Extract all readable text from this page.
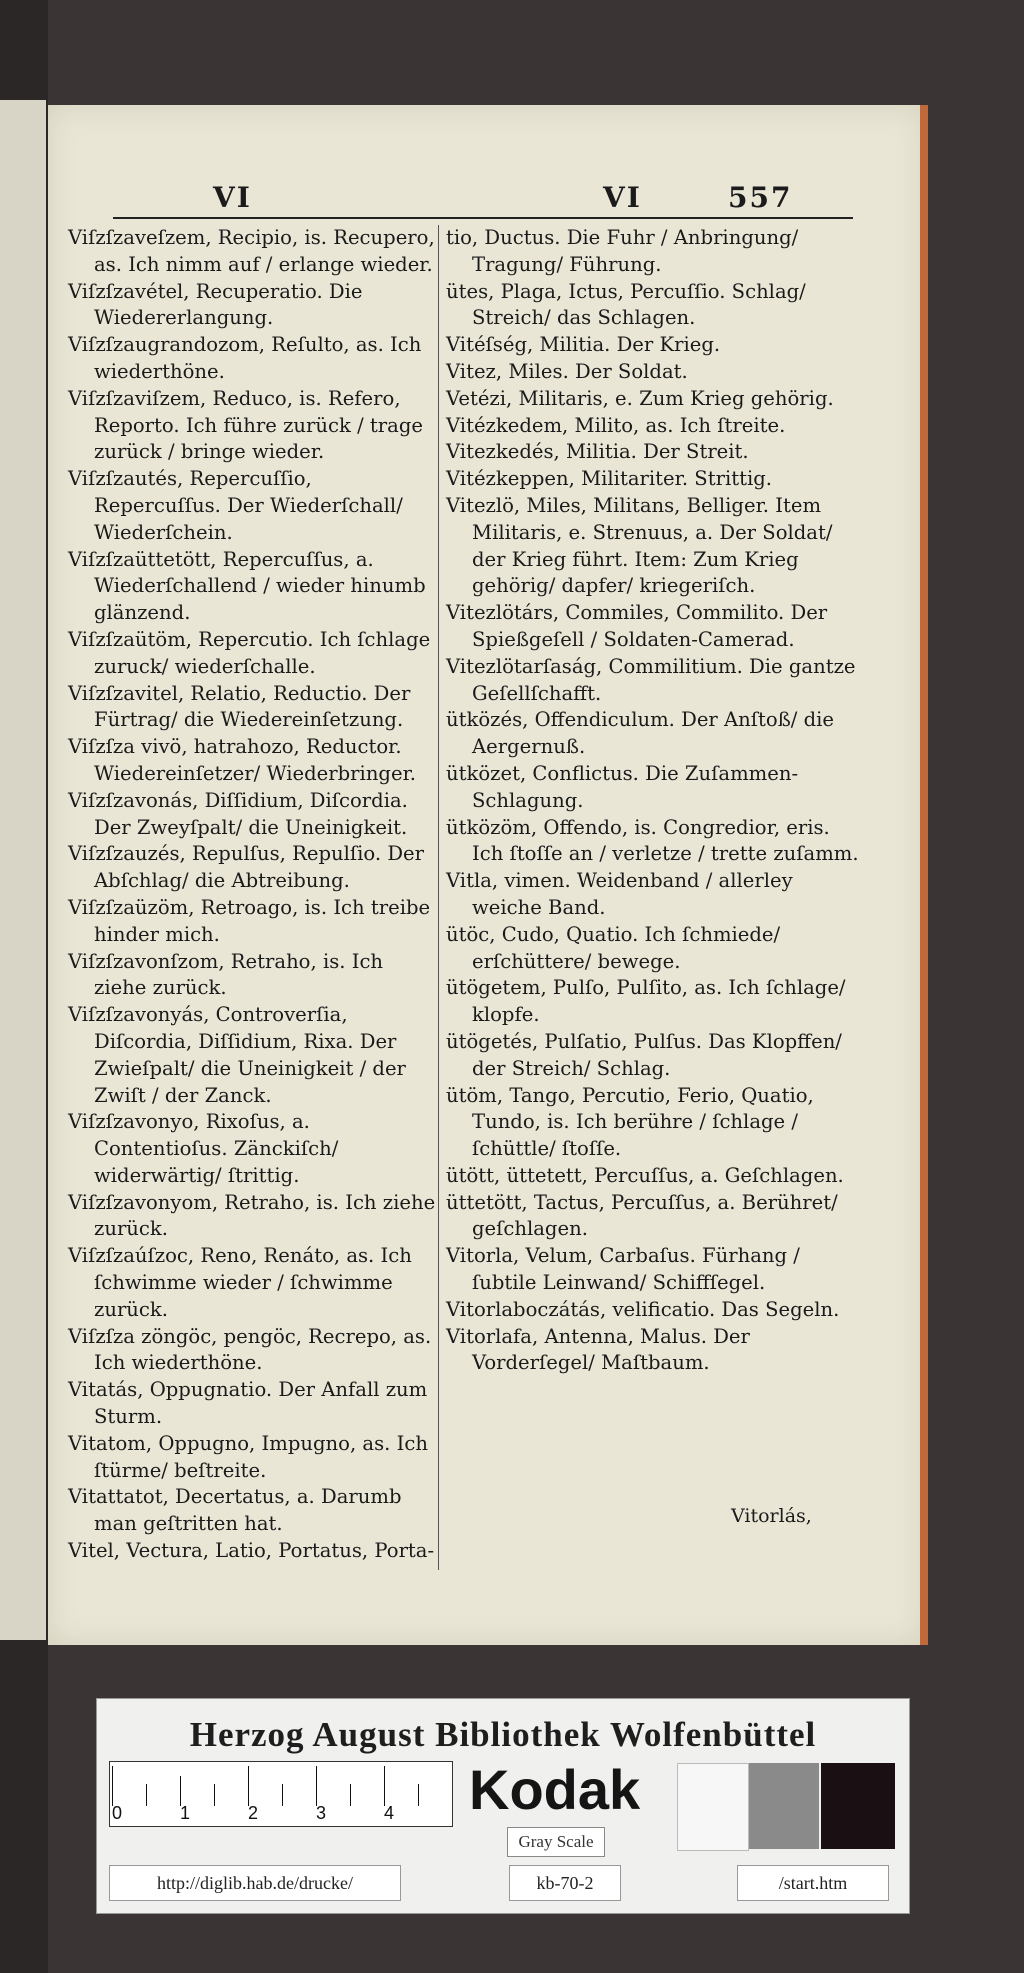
VI	VI	557
Viſzſzaveſzem, Recipio, is. Recupero, as. Ich nimm auf / erlange wieder.
Viſzſzavétel, Recuperatio. Die Wiedererlangung.
Viſzſzaugrandozom, Reſulto, as. Ich wiederthöne.
Viſzſzaviſzem, Reduco, is. Refero, Reporto. Ich führe zurück / trage zurück / bringe wieder.
Viſzſzautés, Repercuſſio, Repercuſſus. Der Wiederſchall/ Wiederſchein.
Viſzſzaüttetött, Repercuſſus, a. Wiederſchallend / wieder hinumb glänzend.
Viſzſzaütöm, Repercutio. Ich ſchlage zuruck/ wiederſchalle.
Viſzſzavitel, Relatio, Reductio. Der Fürtrag/ die Wiedereinſetzung.
Viſzſza vivö, hatrahozo, Reductor. Wiedereinſetzer/ Wiederbringer.
Viſzſzavonás, Diſſidium, Diſcordia. Der Zweyſpalt/ die Uneinigkeit.
Viſzſzauzés, Repulſus, Repulſio. Der Abſchlag/ die Abtreibung.
Viſzſzaüzöm, Retroago, is. Ich treibe hinder mich.
Viſzſzavonſzom, Retraho, is. Ich ziehe zurück.
Viſzſzavonyás, Controverſia, Diſcordia, Diſſidium, Rixa. Der Zwieſpalt/ die Uneinigkeit / der Zwiſt / der Zanck.
Viſzſzavonyo, Rixoſus, a. Contentioſus. Zänckiſch/ widerwärtig/ ſtrittig.
Viſzſzavonyom, Retraho, is. Ich ziehe zurück.
Viſzſzaúſzoc, Reno, Renáto, as. Ich ſchwimme wieder / ſchwimme zurück.
Viſzſza zöngöc, pengöc, Recrepo, as. Ich wiederthöne.
Vitatás, Oppugnatio. Der Anfall zum Sturm.
Vitatom, Oppugno, Impugno, as. Ich ſtürme/ beſtreite.
Vitattatot, Decertatus, a. Darumb man geſtritten hat.
Vitel, Vectura, Latio, Portatus, Porta-
tio, Ductus. Die Fuhr / Anbringung/ Tragung/ Führung.
ütes, Plaga, Ictus, Percuſſio. Schlag/ Streich/ das Schlagen.
Vitéſség, Militia. Der Krieg.
Vitez, Miles. Der Soldat.
Vetézi, Militaris, e. Zum Krieg gehörig.
Vitézkedem, Milito, as. Ich ſtreite.
Vitezkedés, Militia. Der Streit.
Vitézkeppen, Militariter. Strittig.
Vitezlö, Miles, Militans, Belliger. Item Militaris, e. Strenuus, a. Der Soldat/ der Krieg führt. Item: Zum Krieg gehörig/ dapfer/ kriegeriſch.
Vitezlötárs, Commiles, Commilito. Der Spießgeſell / Soldaten-Camerad.
Vitezlötarſaság, Commilitium. Die gantze Geſellſchafft.
ütközés, Offendiculum. Der Anſtoß/ die Aergernuß.
ütközet, Conflictus. Die Zuſammen-Schlagung.
ütközöm, Offendo, is. Congredior, eris. Ich ſtoſſe an / verletze / trette zuſamm.
Vitla, vimen. Weidenband / allerley weiche Band.
ütöc, Cudo, Quatio. Ich ſchmiede/ erſchüttere/ bewege.
ütögetem, Pulſo, Pulſito, as. Ich ſchlage/ klopfe.
ütögetés, Pulſatio, Pulſus. Das Klopffen/ der Streich/ Schlag.
ütöm, Tango, Percutio, Ferio, Quatio, Tundo, is. Ich berühre / ſchlage / ſchüttle/ ſtoſſe.
ütött, üttetett, Percuſſus, a. Geſchlagen.
üttetött, Tactus, Percuſſus, a. Berühret/ geſchlagen.
Vitorla, Velum, Carbaſus. Fürhang / ſubtile Leinwand/ Schiffſegel.
Vitorlaboczátás, velificatio. Das Segeln.
Vitorlafa, Antenna, Malus. Der Vorderſegel/ Maſtbaum.
Vitorlás,
Herzog August Bibliothek Wolfenbüttel
0	1	2	3	4 Kodak
Gray Scale
http://diglib.hab.de/drucke/	kb-70-2	/start.htm
